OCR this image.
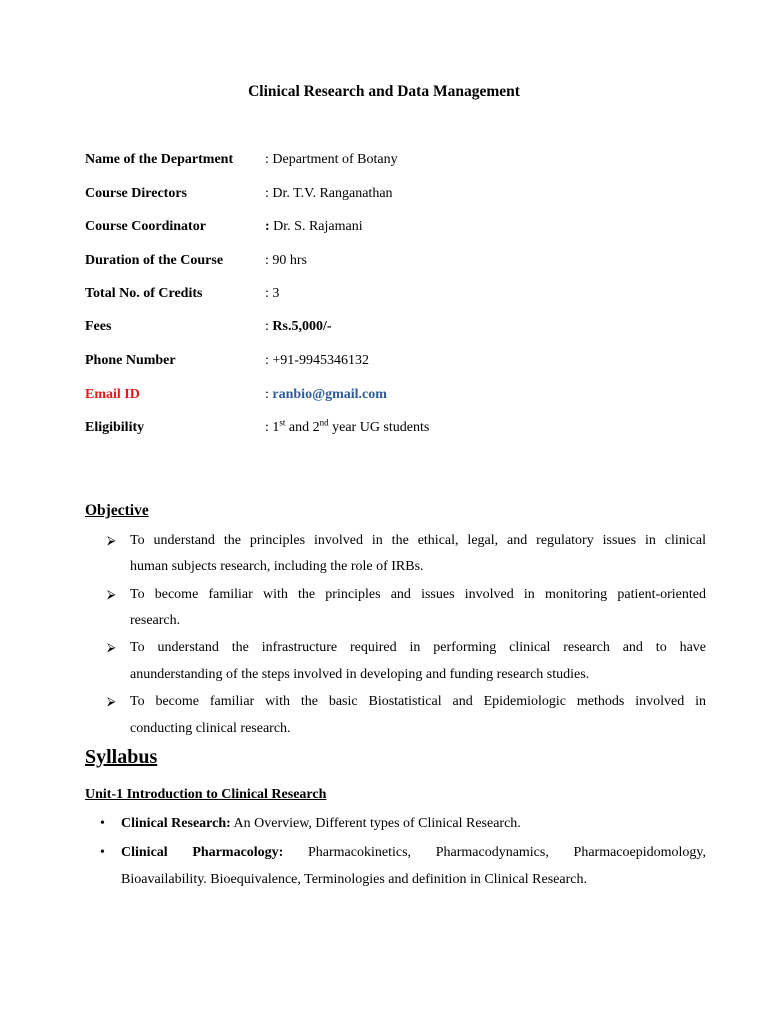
Clinical Research and Data Management
Name of the Department : Department of Botany
Course Directors	: Dr. T.V. Ranganathan
Course Coordinator	: Dr. S. Rajamani
Duration of the Course	: 90 hrs
Total No. of Credits	: 3
Fees	: Rs.5,000/-
Phone Number	: +91-9945346132
Email ID	: ranbio@gmail.com
Eligibility	: 1st and 2nd year UG students
Objective
⮚	To understand the principles involved in the ethical, legal, and regulatory issues in clinical
human subjects research, including the role of IRBs.
⮚	To become familiar with the principles and issues involved in monitoring patient-oriented
research.
⮚	To understand the infrastructure required in performing clinical research and to have
anunderstanding of the steps involved in developing and funding research studies.
⮚	To become familiar with the basic Biostatistical and Epidemiologic methods involved in
conducting clinical research.
Syllabus
Unit-1 Introduction to Clinical Research
• Clinical Research: An Overview, Different types of Clinical Research.
• Clinical Pharmacology: Pharmacokinetics, Pharmacodynamics, Pharmacoepidomology,
Bioavailability. Bioequivalence, Terminologies and definition in Clinical Research.
